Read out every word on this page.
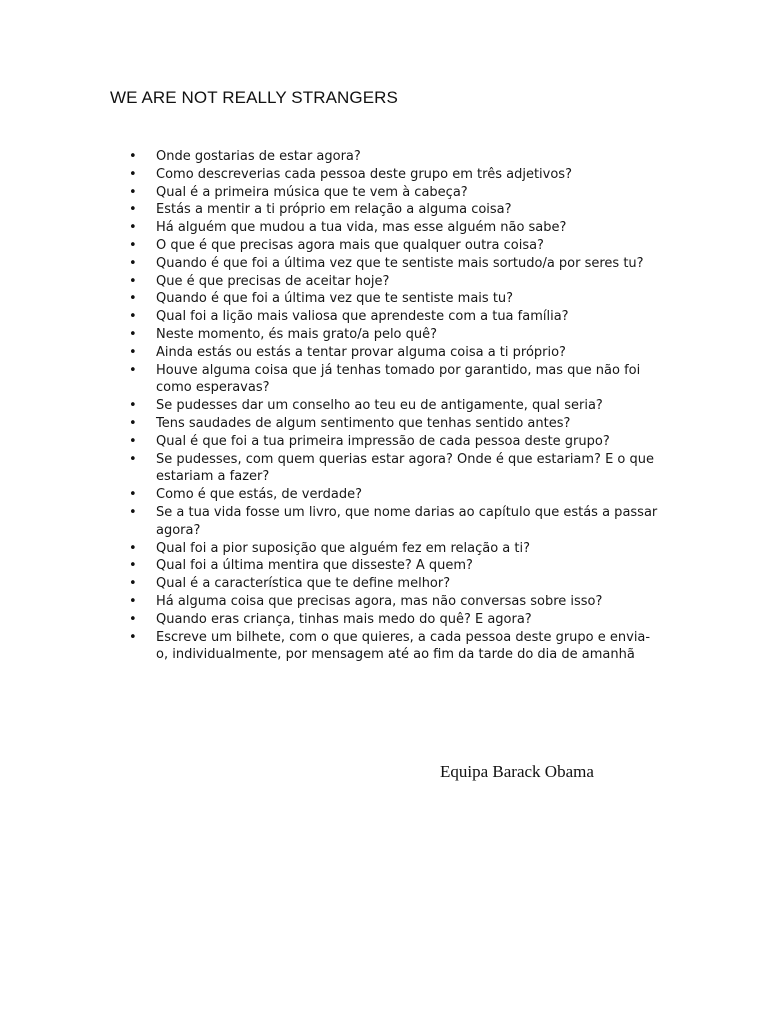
WE ARE NOT REALLY STRANGERS
• Onde gostarias de estar agora?
• Como descreverias cada pessoa deste grupo em três adjetivos?
• Qual é a primeira música que te vem à cabeça?
• Estás a mentir a ti próprio em relação a alguma coisa?
• Há alguém que mudou a tua vida, mas esse alguém não sabe?
• O que é que precisas agora mais que qualquer outra coisa?
• Quando é que foi a última vez que te sentiste mais sortudo/a por seres tu?
• Que é que precisas de aceitar hoje?
• Quando é que foi a última vez que te sentiste mais tu?
• Qual foi a lição mais valiosa que aprendeste com a tua família?
• Neste momento, és mais grato/a pelo quê?
• Ainda estás ou estás a tentar provar alguma coisa a ti próprio?
• Houve alguma coisa que já tenhas tomado por garantido, mas que não foi como esperavas?
• Se pudesses dar um conselho ao teu eu de antigamente, qual seria?
• Tens saudades de algum sentimento que tenhas sentido antes?
• Qual é que foi a tua primeira impressão de cada pessoa deste grupo?
• Se pudesses, com quem querias estar agora? Onde é que estariam? E o que estariam a fazer?
• Como é que estás, de verdade?
• Se a tua vida fosse um livro, que nome darias ao capítulo que estás a passar agora?
• Qual foi a pior suposição que alguém fez em relação a ti?
• Qual foi a última mentira que disseste? A quem?
• Qual é a característica que te define melhor?
• Há alguma coisa que precisas agora, mas não conversas sobre isso?
• Quando eras criança, tinhas mais medo do quê? E agora?
• Escreve um bilhete, com o que quieres, a cada pessoa deste grupo e envia-o, individualmente, por mensagem até ao fim da tarde do dia de amanhã

Equipa Barack Obama
